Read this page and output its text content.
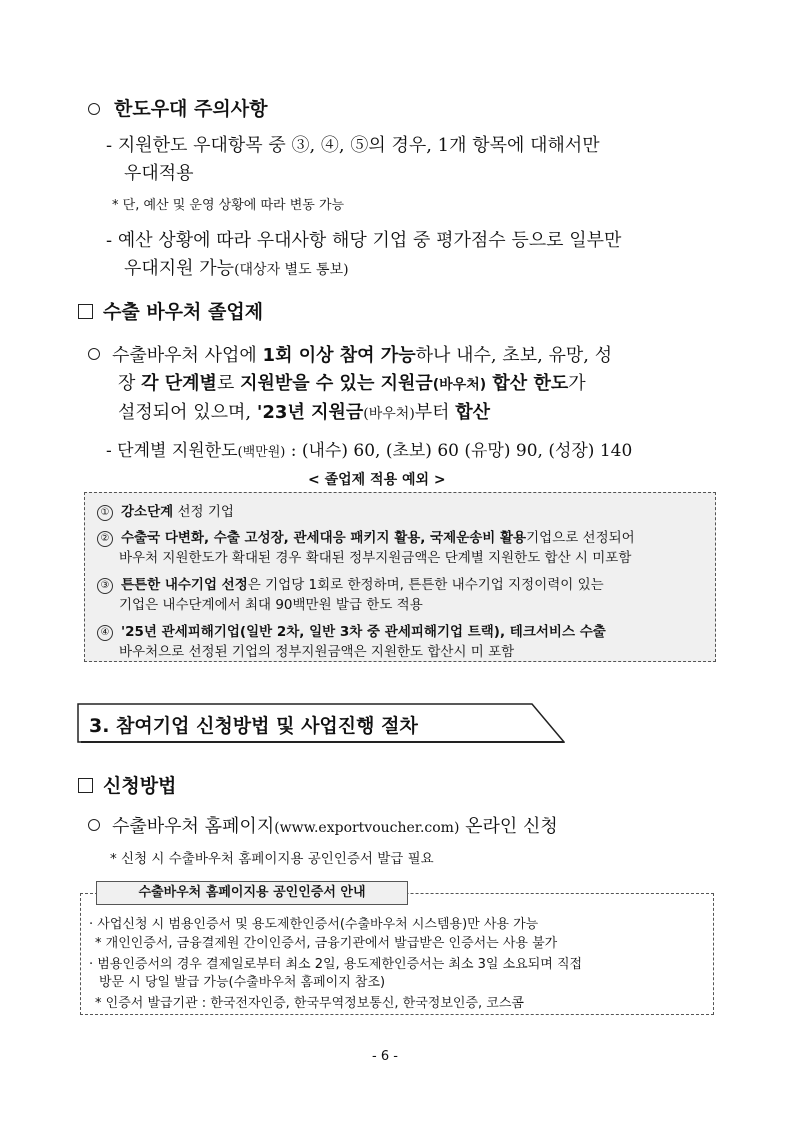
한도우대 주의사항
- 지원한도 우대항목 중 ③, ④, ⑤의 경우, 1개 항목에 대해서만
우대적용
* 단, 예산 및 운영 상황에 따라 변동 가능
- 예산 상황에 따라 우대사항 해당 기업 중 평가점수 등으로 일부만
우대지원 가능(대상자 별도 통보)
수출 바우처 졸업제
수출바우처 사업에 1회 이상 참여 가능하나 내수, 초보, 유망, 성
장 각 단계별로 지원받을 수 있는 지원금(바우처) 합산 한도가
설정되어 있으며, '23년 지원금(바우처)부터 합산
- 단계별 지원한도(백만원) : (내수) 60, (초보) 60 (유망) 90, (성장) 140
< 졸업제 적용 예외 >
① 강소단계 선정 기업
② 수출국 다변화, 수출 고성장, 관세대응 패키지 활용, 국제운송비 활용기업으로 선정되어
바우처 지원한도가 확대된 경우 확대된 정부지원금액은 단계별 지원한도 합산 시 미포함
③ 튼튼한 내수기업 선정은 기업당 1회로 한정하며, 튼튼한 내수기업 지정이력이 있는
기업은 내수단계에서 최대 90백만원 발급 한도 적용
④ '25년 관세피해기업(일반 2차, 일반 3차 중 관세피해기업 트랙), 테크서비스 수출
바우처으로 선정된 기업의 정부지원금액은 지원한도 합산시 미 포함
3. 참여기업 신청방법 및 사업진행 절차
신청방법
수출바우처 홈페이지(www.exportvoucher.com) 온라인 신청
* 신청 시 수출바우처 홈페이지용 공인인증서 발급 필요
· 사업신청 시 범용인증서 및 용도제한인증서(수출바우처 시스템용)만 사용 가능
* 개인인증서, 금융결제원 간이인증서, 금융기관에서 발급받은 인증서는 사용 불가
· 범용인증서의 경우 결제일로부터 최소 2일, 용도제한인증서는 최소 3일 소요되며 직접
방문 시 당일 발급 가능(수출바우처 홈페이지 참조)
* 인증서 발급기관 : 한국전자인증, 한국무역정보통신, 한국정보인증, 코스콤
수출바우처 홈페이지용 공인인증서 안내
- 6 -
